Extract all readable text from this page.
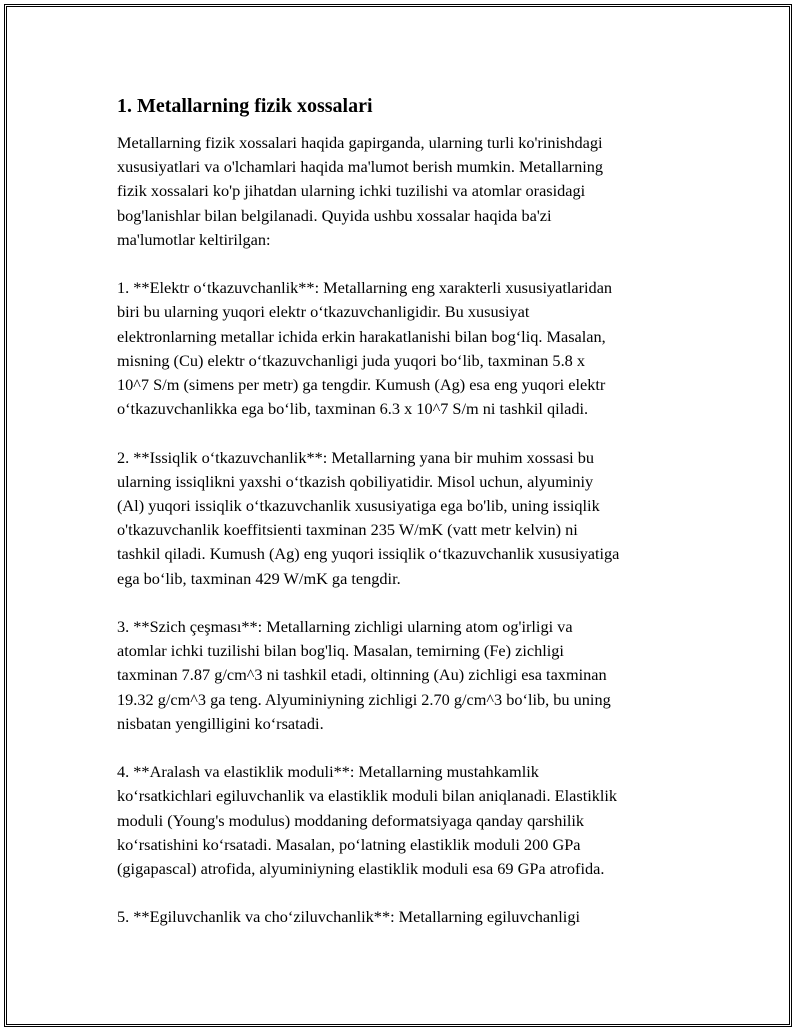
1. Metallarning fizik xossalari
Metallarning fizik xossalari haqida gapirganda, ularning turli ko'rinishdagi
xususiyatlari va o'lchamlari haqida ma'lumot berish mumkin. Metallarning
fizik xossalari ko'p jihatdan ularning ichki tuzilishi va atomlar orasidagi
bog'lanishlar bilan belgilanadi. Quyida ushbu xossalar haqida ba'zi
ma'lumotlar keltirilgan:
1. **Elektr o‘tkazuvchanlik**: Metallarning eng xarakterli xususiyatlaridan
biri bu ularning yuqori elektr o‘tkazuvchanligidir. Bu xususiyat
elektronlarning metallar ichida erkin harakatlanishi bilan bog‘liq. Masalan,
misning (Cu) elektr o‘tkazuvchanligi juda yuqori bo‘lib, taxminan 5.8 x
10^7 S/m (simens per metr) ga tengdir. Kumush (Ag) esa eng yuqori elektr
o‘tkazuvchanlikka ega bo‘lib, taxminan 6.3 x 10^7 S/m ni tashkil qiladi.
2. **Issiqlik o‘tkazuvchanlik**: Metallarning yana bir muhim xossasi bu
ularning issiqlikni yaxshi o‘tkazish qobiliyatidir. Misol uchun, alyuminiy
(Al) yuqori issiqlik o‘tkazuvchanlik xususiyatiga ega bo'lib, uning issiqlik
o'tkazuvchanlik koeffitsienti taxminan 235 W/mK (vatt metr kelvin) ni
tashkil qiladi. Kumush (Ag) eng yuqori issiqlik o‘tkazuvchanlik xususiyatiga
ega bo‘lib, taxminan 429 W/mK ga tengdir.
3. **Szich çeşması**: Metallarning zichligi ularning atom og'irligi va
atomlar ichki tuzilishi bilan bog'liq. Masalan, temirning (Fe) zichligi
taxminan 7.87 g/cm^3 ni tashkil etadi, oltinning (Au) zichligi esa taxminan
19.32 g/cm^3 ga teng. Alyuminiyning zichligi 2.70 g/cm^3 bo‘lib, bu uning
nisbatan yengilligini ko‘rsatadi.
4. **Aralash va elastiklik moduli**: Metallarning mustahkamlik
ko‘rsatkichlari egiluvchanlik va elastiklik moduli bilan aniqlanadi. Elastiklik
moduli (Young's modulus) moddaning deformatsiyaga qanday qarshilik
ko‘rsatishini ko‘rsatadi. Masalan, po‘latning elastiklik moduli 200 GPa
(gigapascal) atrofida, alyuminiyning elastiklik moduli esa 69 GPa atrofida.
5. **Egiluvchanlik va cho‘ziluvchanlik**: Metallarning egiluvchanligi
